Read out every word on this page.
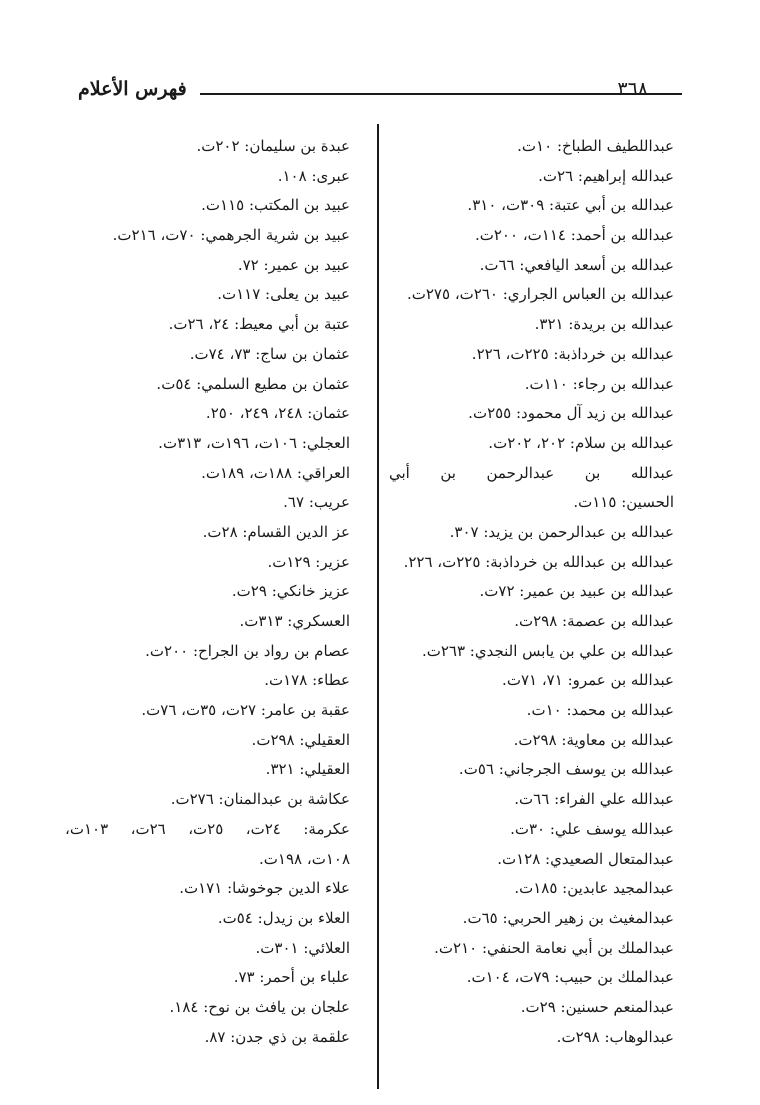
فهرس الأعلام	٣٦٨
عبداللطيف الطباخ: ١٠ت.
عبدالله إبراهيم: ٢٦ت.
عبدالله بن أبي عتبة: ٣٠٩ت، ٣١٠.
عبدالله بن أحمد: ١١٤ت، ٢٠٠ت.
عبدالله بن أسعد اليافعي: ٦٦ت.
عبدالله بن العباس الجراري: ٢٦٠ت، ٢٧٥ت.
عبدالله بن بريدة: ٣٢١.
عبدالله بن خرداذبة: ٢٢٥ت، ٢٢٦.
عبدالله بن رجاء: ١١٠ت.
عبدالله بن زيد آل محمود: ٢٥٥ت.
عبدالله بن سلام: ٢٠٢، ٢٠٢ت.
عبدالله بن عبدالرحمن بن أبي
الحسين: ١١٥ت.
عبدالله بن عبدالرحمن بن يزيد: ٣٠٧.
عبدالله بن عبدالله بن خرداذبة: ٢٢٥ت، ٢٢٦.
عبدالله بن عبيد بن عمير: ٧٢ت.
عبدالله بن عصمة: ٢٩٨ت.
عبدالله بن علي بن يابس النجدي: ٢٦٣ت.
عبدالله بن عمرو: ٧١، ٧١ت.
عبدالله بن محمد: ١٠ت.
عبدالله بن معاوية: ٢٩٨ت.
عبدالله بن يوسف الجرجاني: ٥٦ت.
عبدالله علي الفراء: ٦٦ت.
عبدالله يوسف علي: ٣٠ت.
عبدالمتعال الصعيدي: ١٢٨ت.
عبدالمجيد عابدين: ١٨٥ت.
عبدالمغيث بن زهير الحربي: ٦٥ت.
عبدالملك بن أبي نعامة الحنفي: ٢١٠ت.
عبدالملك بن حبيب: ٧٩ت، ١٠٤ت.
عبدالمنعم حسنين: ٢٩ت.
عبدالوهاب: ٢٩٨ت.
عبدة بن سليمان: ٢٠٢ت.
عبرى: ١٠٨.
عبيد بن المكتب: ١١٥ت.
عبيد بن شرية الجرهمي: ٧٠ت، ٢١٦ت.
عبيد بن عمير: ٧٢.
عبيد بن يعلى: ١١٧ت.
عتبة بن أبي معيط: ٢٤، ٢٦ت.
عثمان بن ساج: ٧٣، ٧٤ت.
عثمان بن مطيع السلمي: ٥٤ت.
عثمان: ٢٤٨، ٢٤٩، ٢٥٠.
العجلي: ١٠٦ت، ١٩٦ت، ٣١٣ت.
العراقي: ١٨٨ت، ١٨٩ت.
عريب: ٦٧.
عز الدين القسام: ٢٨ت.
عزير: ١٢٩ت.
عزيز خانكي: ٢٩ت.
العسكري: ٣١٣ت.
عصام بن رواد بن الجراح: ٢٠٠ت.
عطاء: ١٧٨ت.
عقبة بن عامر: ٢٧ت، ٣٥ت، ٧٦ت.
العقيلي: ٢٩٨ت.
العقيلي: ٣٢١.
عكاشة بن عبدالمنان: ٢٧٦ت.
عكرمة: ٢٤ت، ٢٥ت، ٢٦ت، ١٠٣ت،
١٠٨ت، ١٩٨ت.
علاء الدين جوخوشا: ١٧١ت.
العلاء بن زيدل: ٥٤ت.
العلائي: ٣٠١ت.
علباء بن أحمر: ٧٣.
علجان بن يافث بن نوح: ١٨٤.
علقمة بن ذي جدن: ٨٧.
